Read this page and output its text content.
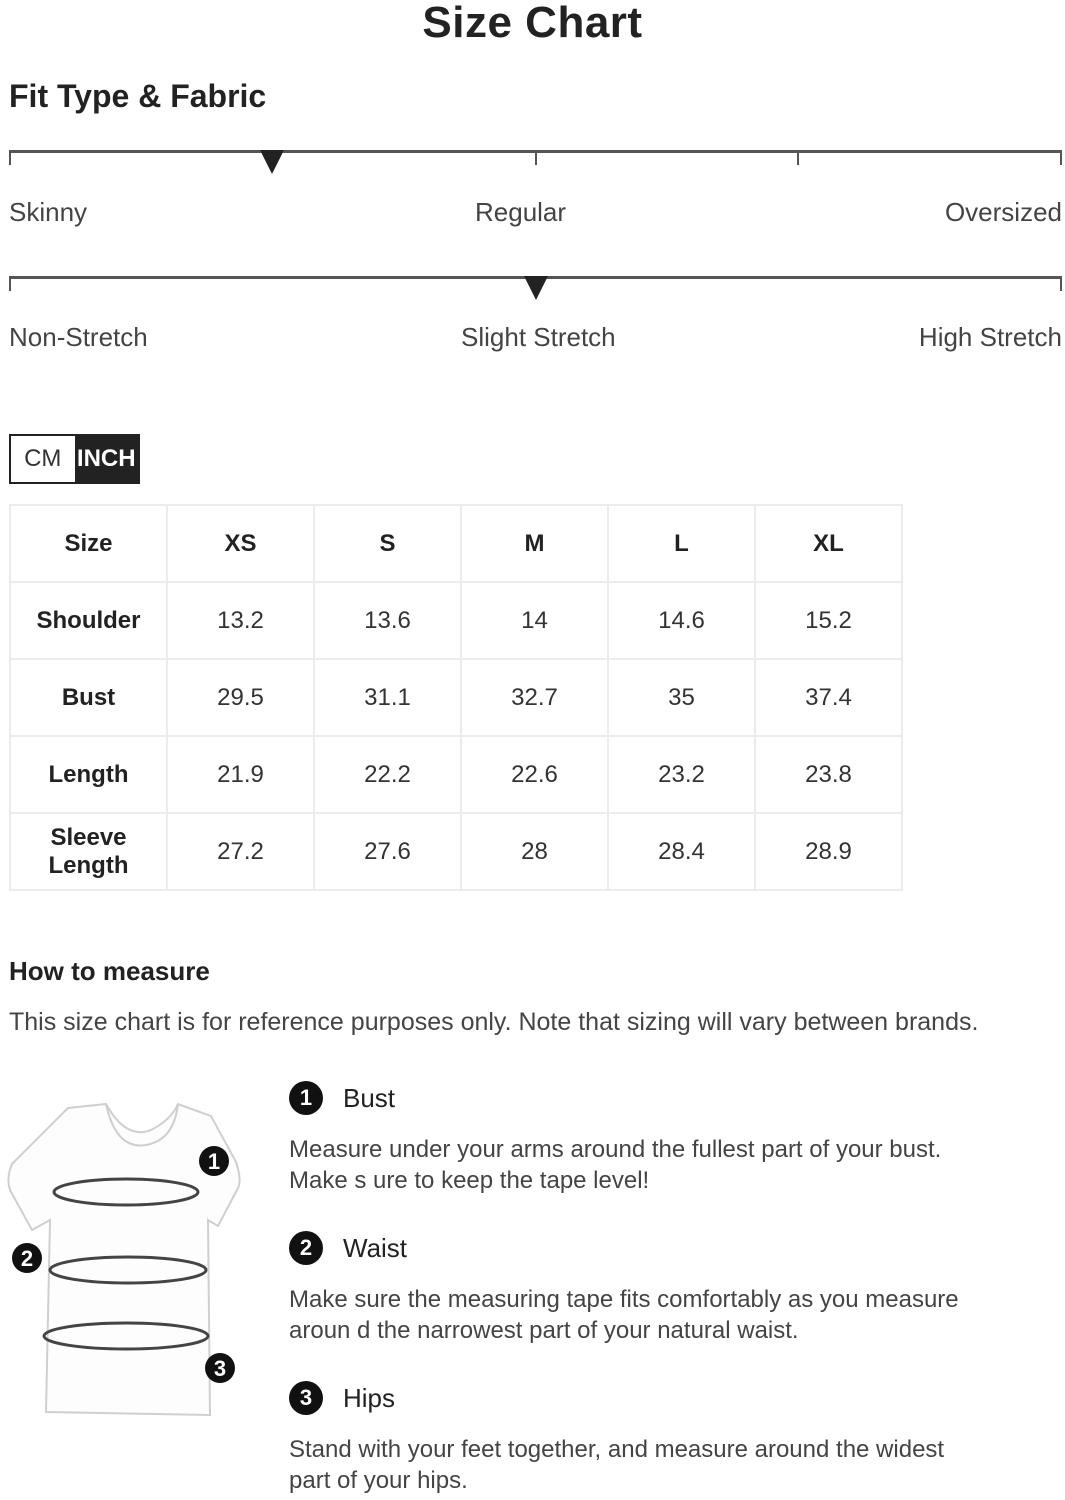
Size Chart
Fit Type & Fabric
Skinny	Regular	Oversized
Non-Stretch	Slight Stretch	High Stretch
CM INCH
Size	XS	S	M	L	XL
Shoulder	13.2	13.6	14	14.6	15.2
Bust	29.5	31.1	32.7	35	37.4
Length	21.9	22.2	22.6	23.2	23.8
Sleeve Length	27.2	27.6	28	28.4	28.9
How to measure
This size chart is for reference purposes only. Note that sizing will vary between brands.
1
2
3
1	Bust
Measure under your arms around the fullest part of your bust. Make s ure to keep the tape level!
2	Waist
Make sure the measuring tape fits comfortably as you measure aroun d the narrowest part of your natural waist.
3	Hips
Stand with your feet together, and measure around the widest part of your hips.
